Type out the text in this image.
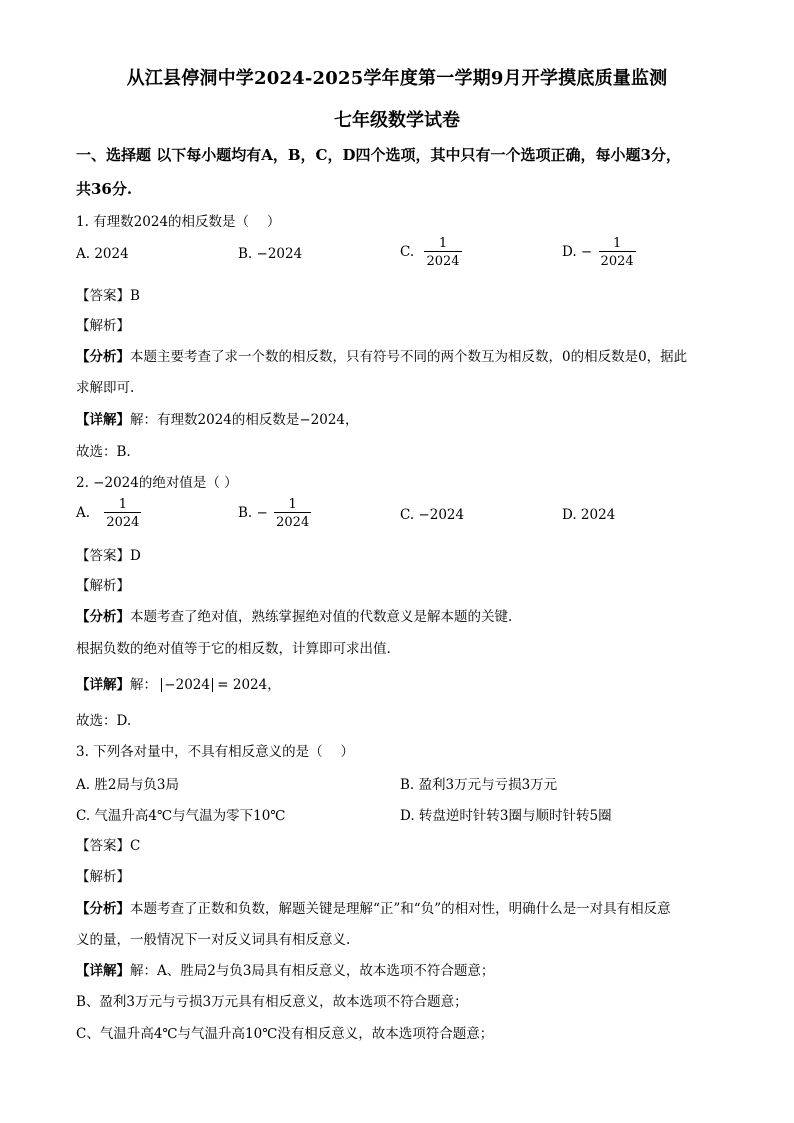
从江县停洞中学2024-2025学年度第一学期9月开学摸底质量监测
七年级数学试卷
一、选择题 以下每小题均有A，B，C，D四个选项，其中只有一个选项正确，每小题3分，
共36分.
1. 有理数2024的相反数是（　 ）
A. 2024	B. −2024	C. $\frac{1}{2024}$	D. − $\frac{1}{2024}$
【答案】B
【解析】
【分析】本题主要考查了求一个数的相反数，只有符号不同的两个数互为相反数，0的相反数是0，据此
求解即可.
【详解】解：有理数2024的相反数是−2024，
故选：B.
2. −2024的绝对值是（ ）
A. $\frac{1}{2024}$	B. − $\frac{1}{2024}$	C. −2024	D. 2024
【答案】D
【解析】
【分析】本题考查了绝对值，熟练掌握绝对值的代数意义是解本题的关键.
根据负数的绝对值等于它的相反数，计算即可求出值.
【详解】解： −2024 = 2024，
故选：D.
3. 下列各对量中，不具有相反意义的是（　 ）
A. 胜2局与负3局	B. 盈利3万元与亏损3万元
C. 气温升高4℃与气温为零下10℃	D. 转盘逆时针转3圈与顺时针转5圈
【答案】C
【解析】
【分析】本题考查了正数和负数，解题关键是理解“正”和“负”的相对性，明确什么是一对具有相反意
义的量，一般情况下一对反义词具有相反意义.
【详解】解：A、胜局2与负3局具有相反意义，故本选项不符合题意；
B、盈利3万元与亏损3万元具有相反意义，故本选项不符合题意；
C、气温升高4℃与气温升高10℃没有相反意义，故本选项符合题意；
